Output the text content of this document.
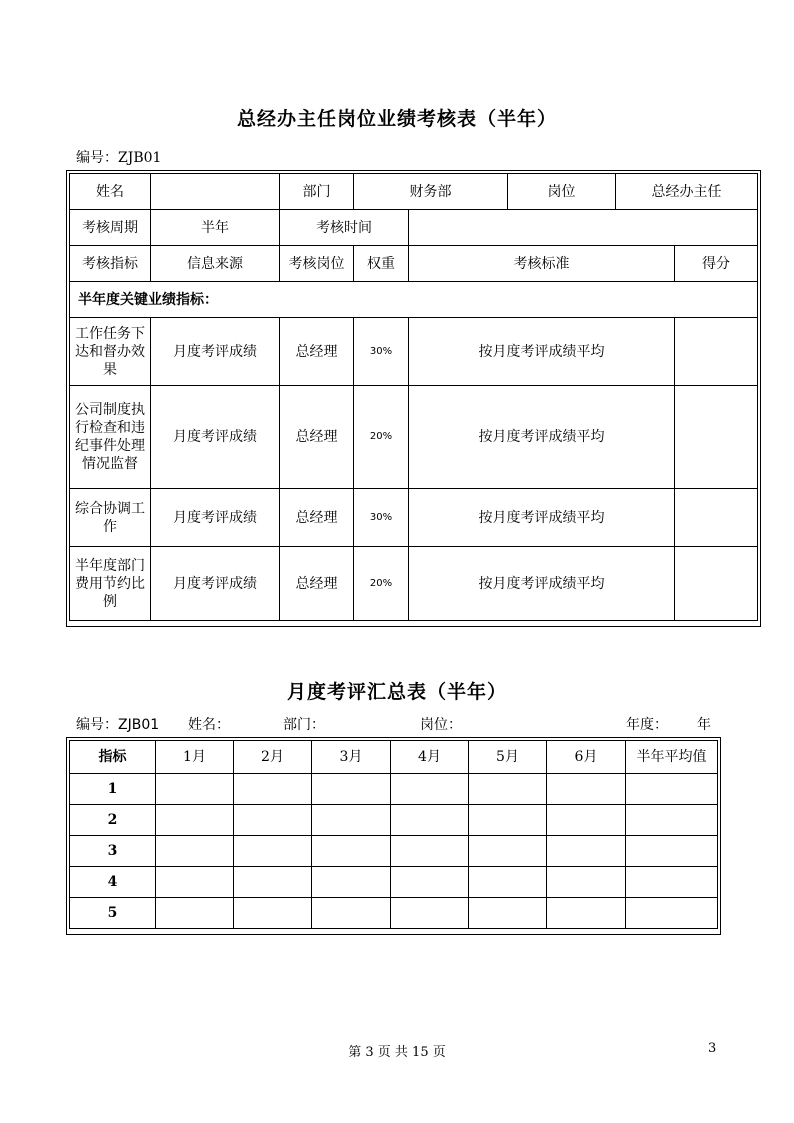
总经办主任岗位业绩考核表（半年）
编号：ZJB01
姓名		部门	财务部		岗位	总经办主任	
考核周期	半年	考核时间					
考核指标	信息来源	考核岗位	权重	考核标准			得分
半年度关键业绩指标：							
工作任务下达和督办效果	月度考评成绩	总经理	30%	按月度考评成绩平均			
公司制度执行检查和违纪事件处理情况监督	月度考评成绩	总经理	20%	按月度考评成绩平均			
综合协调工作	月度考评成绩	总经理	30%	按月度考评成绩平均			
半年度部门费用节约比例	月度考评成绩	总经理	20%	按月度考评成绩平均			
月度考评汇总表（半年）
编号：ZJB01 姓名：	部门：	岗位：	年度： 年
指标	1月	2月	3月	4月	5月	6月	半年平均值
1							
2							
3							
4							
5							
第 3 页 共 15 页	3
